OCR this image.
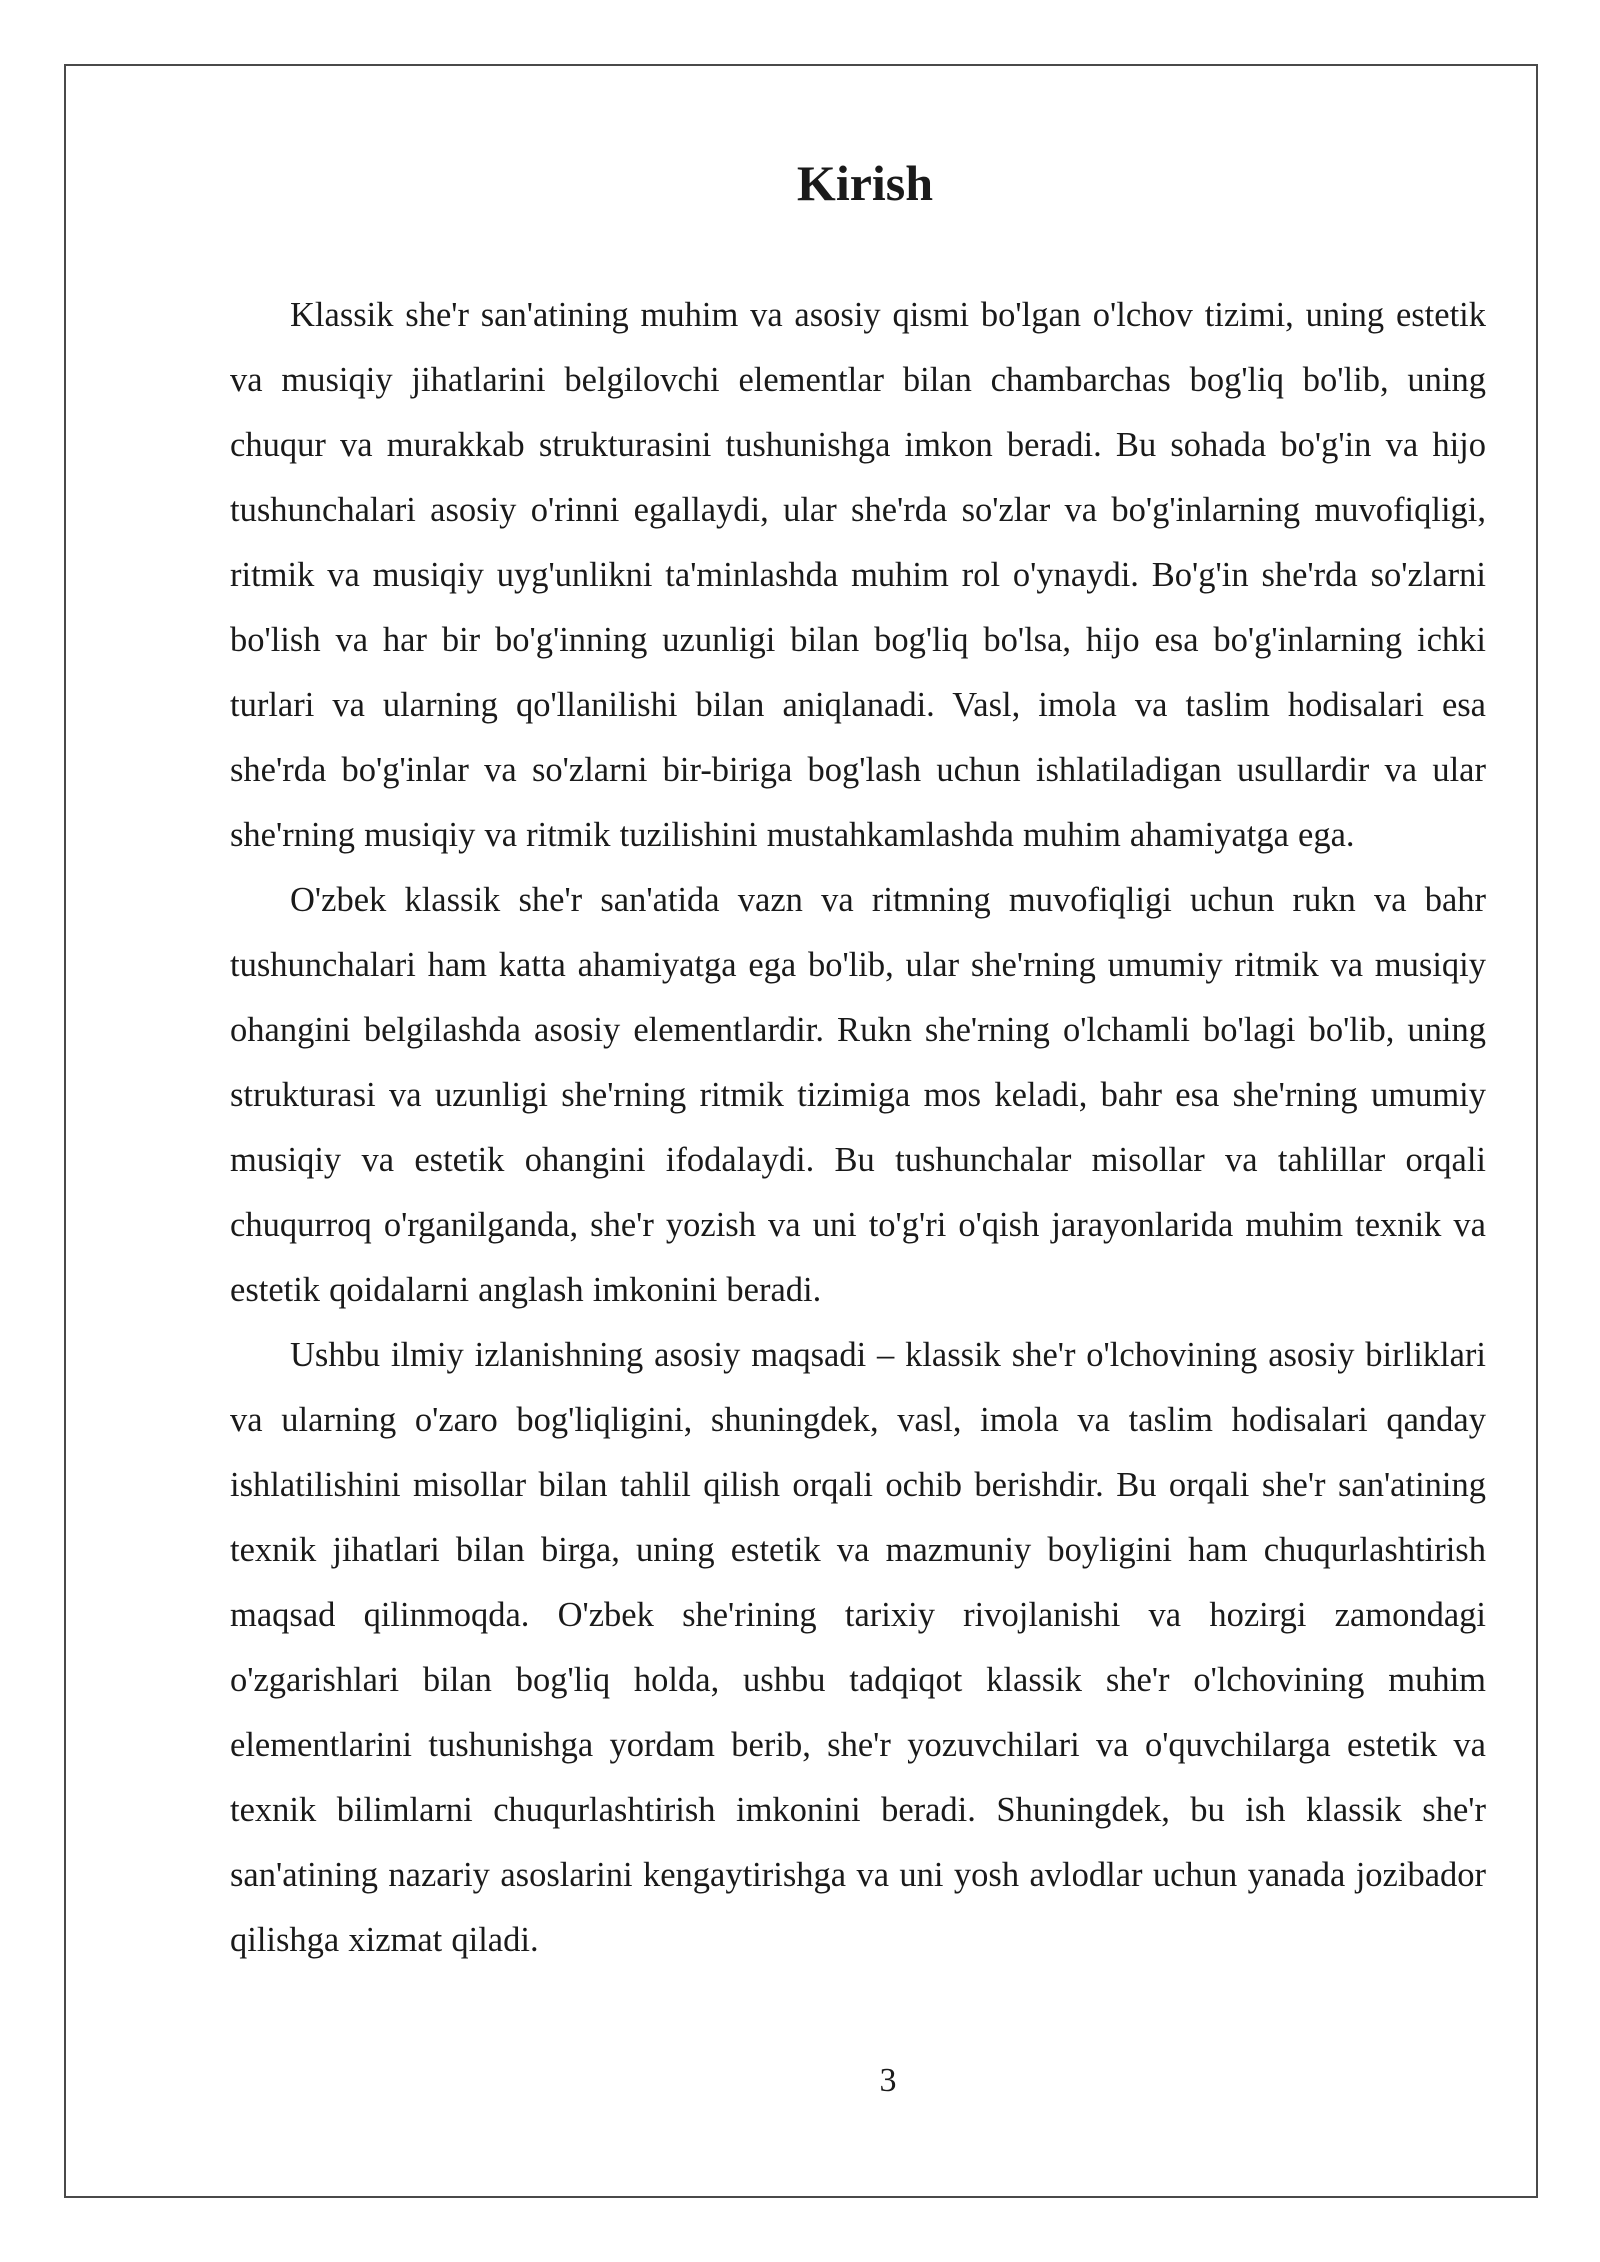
Kirish

Klassik she'r san'atining muhim va asosiy qismi bo'lgan o'lchov tizimi, uning estetik va musiqiy jihatlarini belgilovchi elementlar bilan chambarchas bog'liq bo'lib, uning chuqur va murakkab strukturasini tushunishga imkon beradi. Bu sohada bo'g'in va hijo tushunchalari asosiy o'rinni egallaydi, ular she'rda so'zlar va bo'g'inlarning muvofiqligi, ritmik va musiqiy uyg'unlikni ta'minlashda muhim rol o'ynaydi. Bo'g'in she'rda so'zlarni bo'lish va har bir bo'g'inning uzunligi bilan bog'liq bo'lsa, hijo esa bo'g'inlarning ichki turlari va ularning qo'llanilishi bilan aniqlanadi. Vasl, imola va taslim hodisalari esa she'rda bo'g'inlar va so'zlarni bir-biriga bog'lash uchun ishlatiladigan usullardir va ular she'rning musiqiy va ritmik tuzilishini mustahkamlashda muhim ahamiyatga ega.

O'zbek klassik she'r san'atida vazn va ritmning muvofiqligi uchun rukn va bahr tushunchalari ham katta ahamiyatga ega bo'lib, ular she'rning umumiy ritmik va musiqiy ohangini belgilashda asosiy elementlardir. Rukn she'rning o'lchamli bo'lagi bo'lib, uning strukturasi va uzunligi she'rning ritmik tizimiga mos keladi, bahr esa she'rning umumiy musiqiy va estetik ohangini ifodalaydi. Bu tushunchalar misollar va tahlillar orqali chuqurroq o'rganilganda, she'r yozish va uni to'g'ri o'qish jarayonlarida muhim texnik va estetik qoidalarni anglash imkonini beradi.

Ushbu ilmiy izlanishning asosiy maqsadi – klassik she'r o'lchovining asosiy birliklari va ularning o'zaro bog'liqligini, shuningdek, vasl, imola va taslim hodisalari qanday ishlatilishini misollar bilan tahlil qilish orqali ochib berishdir. Bu orqali she'r san'atining texnik jihatlari bilan birga, uning estetik va mazmuniy boyligini ham chuqurlashtirish maqsad qilinmoqda. O'zbek she'rining tarixiy rivojlanishi va hozirgi zamondagi o'zgarishlari bilan bog'liq holda, ushbu tadqiqot klassik she'r o'lchovining muhim elementlarini tushunishga yordam berib, she'r yozuvchilari va o'quvchilarga estetik va texnik bilimlarni chuqurlashtirish imkonini beradi. Shuningdek, bu ish klassik she'r san'atining nazariy asoslarini kengaytirishga va uni yosh avlodlar uchun yanada jozibador qilishga xizmat qiladi.

3
